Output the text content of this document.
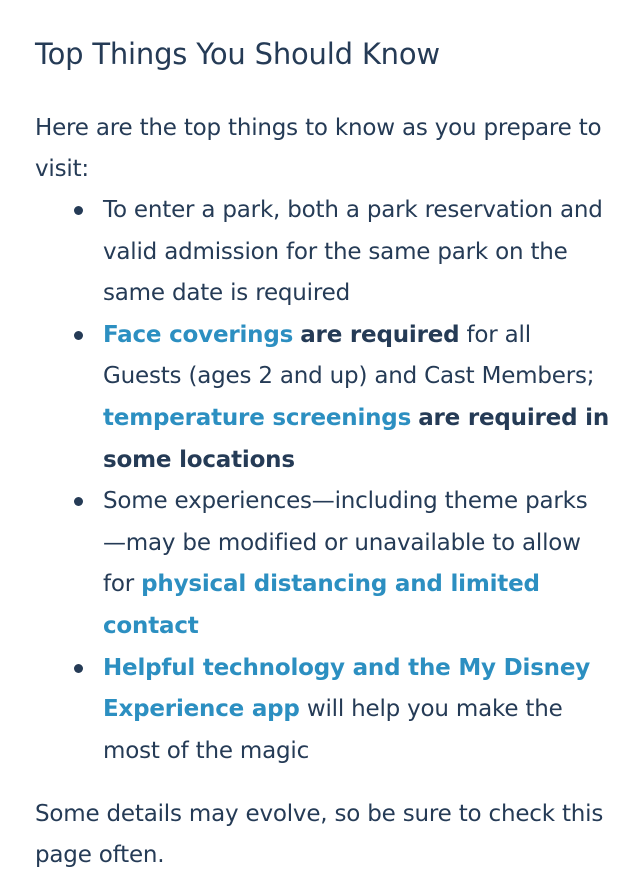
Top Things You Should Know

Here are the top things to know as you prepare to visit:

To enter a park, both a park reservation and valid admission for the same park on the same date is required
Face coverings are required for all Guests (ages 2 and up) and Cast Members; temperature screenings are required in some locations
Some experiences—including theme parks—may be modified or unavailable to allow for physical distancing and limited contact
Helpful technology and the My Disney Experience app will help you make the most of the magic

Some details may evolve, so be sure to check this page often.
